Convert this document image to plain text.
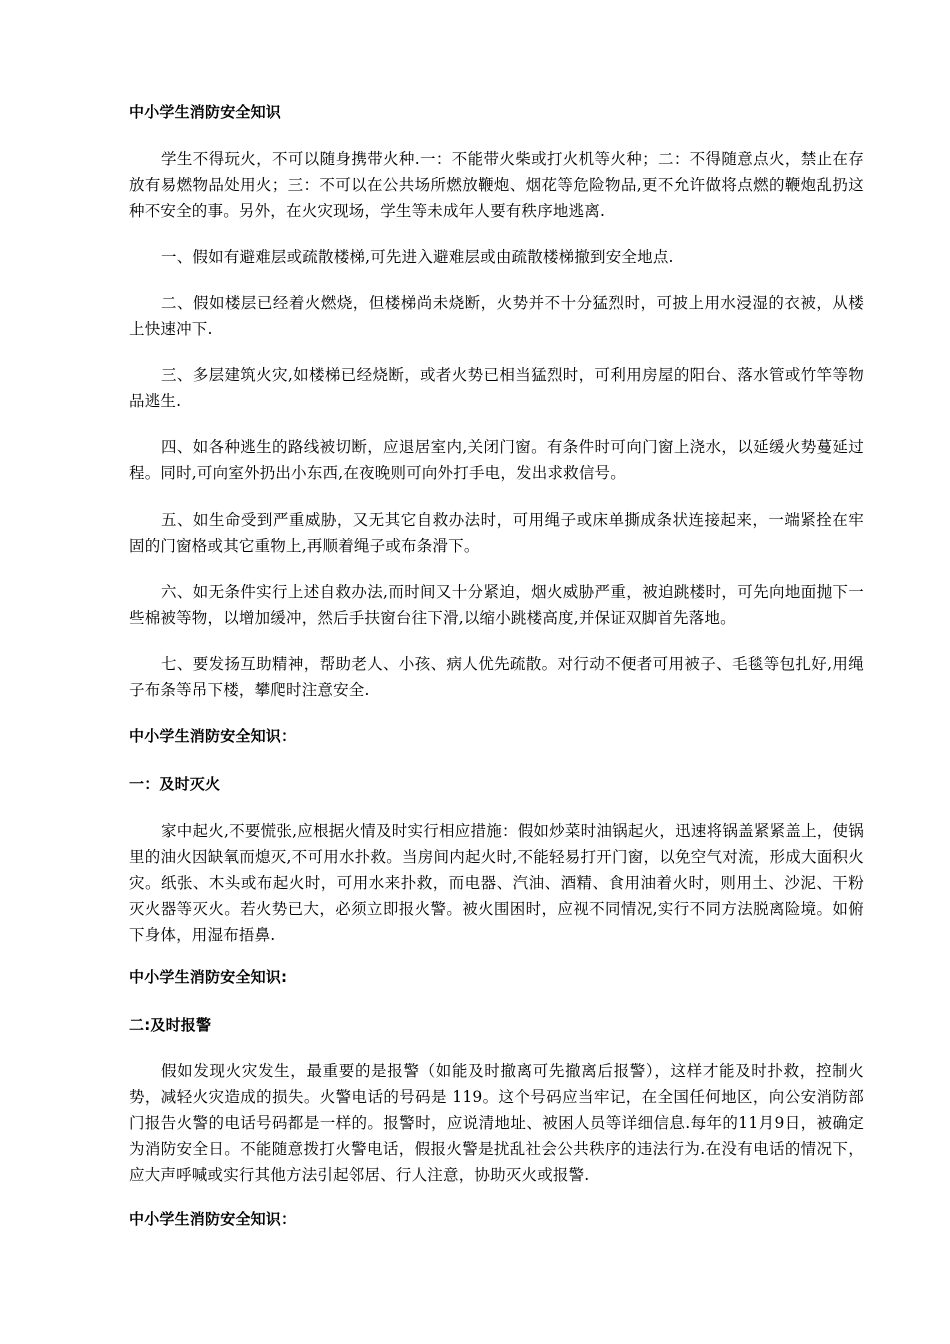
中小学生消防安全知识
学生不得玩火，不可以随身携带火种.一：不能带火柴或打火机等火种；二：不得随意点火，禁止在存放有易燃物品处用火；三：不可以在公共场所燃放鞭炮、烟花等危险物品,更不允许做将点燃的鞭炮乱扔这种不安全的事。另外，在火灾现场，学生等未成年人要有秩序地逃离.
一、假如有避难层或疏散楼梯,可先进入避难层或由疏散楼梯撤到安全地点.
二、假如楼层已经着火燃烧，但楼梯尚未烧断，火势并不十分猛烈时，可披上用水浸湿的衣被，从楼上快速冲下.
三、多层建筑火灾,如楼梯已经烧断，或者火势已相当猛烈时，可利用房屋的阳台、落水管或竹竿等物品逃生.
四、如各种逃生的路线被切断，应退居室内,关闭门窗。有条件时可向门窗上浇水，以延缓火势蔓延过程。同时,可向室外扔出小东西,在夜晚则可向外打手电，发出求救信号。
五、如生命受到严重威胁，又无其它自救办法时，可用绳子或床单撕成条状连接起来，一端紧拴在牢固的门窗格或其它重物上,再顺着绳子或布条滑下。
六、如无条件实行上述自救办法,而时间又十分紧迫，烟火威胁严重，被迫跳楼时，可先向地面抛下一些棉被等物，以增加缓冲，然后手扶窗台往下滑,以缩小跳楼高度,并保证双脚首先落地。
七、要发扬互助精神，帮助老人、小孩、病人优先疏散。对行动不便者可用被子、毛毯等包扎好,用绳子布条等吊下楼，攀爬时注意安全.
中小学生消防安全知识：
一：及时灭火
家中起火,不要慌张,应根据火情及时实行相应措施：假如炒菜时油锅起火，迅速将锅盖紧紧盖上，使锅里的油火因缺氧而熄灭,不可用水扑救。当房间内起火时,不能轻易打开门窗，以免空气对流，形成大面积火灾。纸张、木头或布起火时，可用水来扑救，而电器、汽油、酒精、食用油着火时，则用土、沙泥、干粉灭火器等灭火。若火势已大，必须立即报火警。被火围困时，应视不同情况,实行不同方法脱离险境。如俯下身体，用湿布捂鼻.
中小学生消防安全知识:
二:及时报警
假如发现火灾发生，最重要的是报警（如能及时撤离可先撤离后报警），这样才能及时扑救，控制火势，减轻火灾造成的损失。火警电话的号码是 119。这个号码应当牢记，在全国任何地区，向公安消防部门报告火警的电话号码都是一样的。报警时，应说清地址、被困人员等详细信息.每年的11月9日，被确定为消防安全日。不能随意拨打火警电话，假报火警是扰乱社会公共秩序的违法行为.在没有电话的情况下，应大声呼喊或实行其他方法引起邻居、行人注意，协助灭火或报警.
中小学生消防安全知识：
